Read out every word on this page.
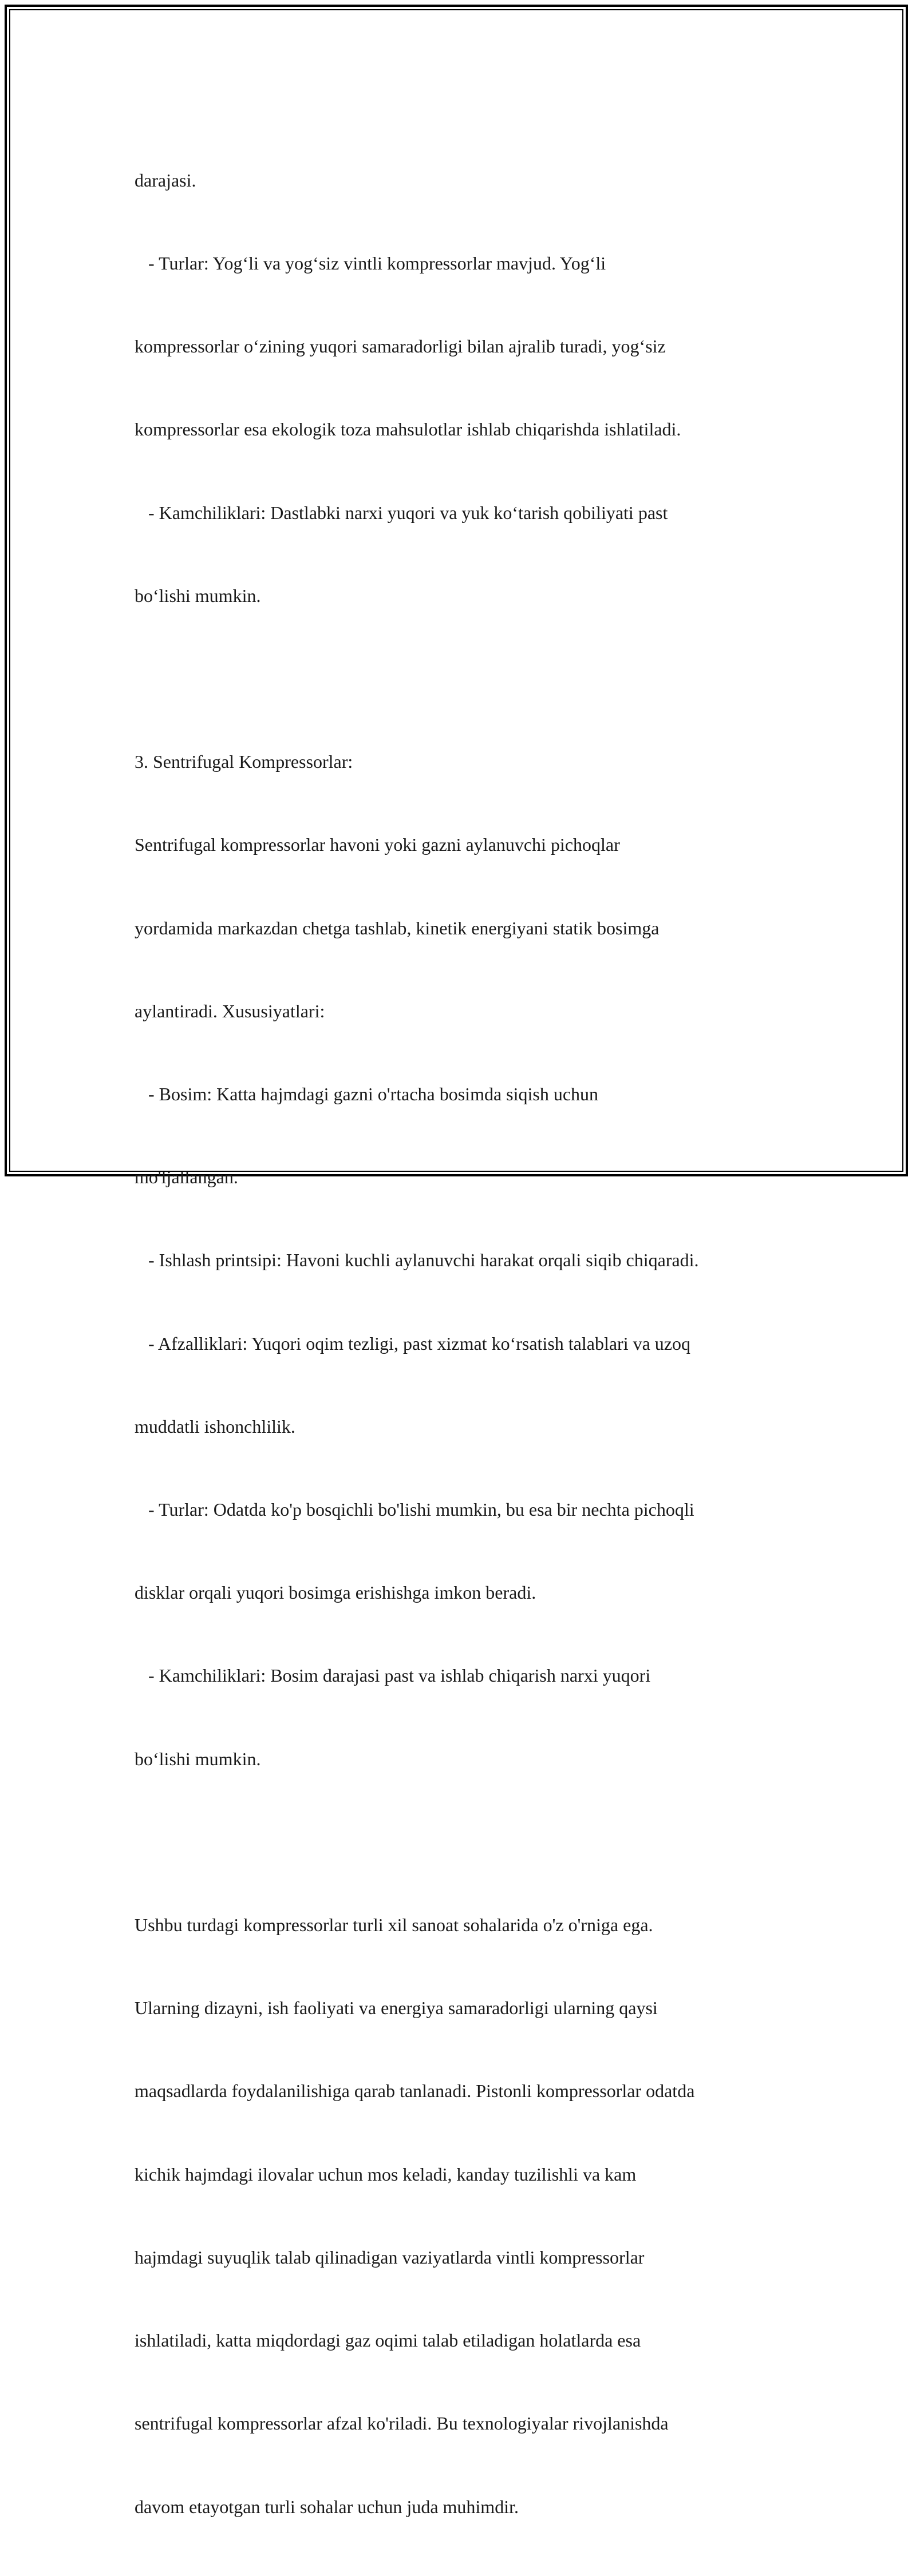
darajasi.

- Turlar: Yog‘li va yog‘siz vintli kompressorlar mavjud. Yog‘li

kompressorlar o‘zining yuqori samaradorligi bilan ajralib turadi, yog‘siz

kompressorlar esa ekologik toza mahsulotlar ishlab chiqarishda ishlatiladi.

- Kamchiliklari: Dastlabki narxi yuqori va yuk ko‘tarish qobiliyati past

bo‘lishi mumkin.

3. Sentrifugal Kompressorlar:

Sentrifugal kompressorlar havoni yoki gazni aylanuvchi pichoqlar

yordamida markazdan chetga tashlab, kinetik energiyani statik bosimga

aylantiradi. Xususiyatlari:

- Bosim: Katta hajmdagi gazni o'rtacha bosimda siqish uchun

mo'ljallangan.

- Ishlash printsipi: Havoni kuchli aylanuvchi harakat orqali siqib chiqaradi.

- Afzalliklari: Yuqori oqim tezligi, past xizmat ko‘rsatish talablari va uzoq

muddatli ishonchlilik.

- Turlar: Odatda ko'p bosqichli bo'lishi mumkin, bu esa bir nechta pichoqli

disklar orqali yuqori bosimga erishishga imkon beradi.

- Kamchiliklari: Bosim darajasi past va ishlab chiqarish narxi yuqori

bo‘lishi mumkin.

Ushbu turdagi kompressorlar turli xil sanoat sohalarida o'z o'rniga ega.

Ularning dizayni, ish faoliyati va energiya samaradorligi ularning qaysi

maqsadlarda foydalanilishiga qarab tanlanadi. Pistonli kompressorlar odatda

kichik hajmdagi ilovalar uchun mos keladi, kanday tuzilishli va kam

hajmdagi suyuqlik talab qilinadigan vaziyatlarda vintli kompressorlar

ishlatiladi, katta miqdordagi gaz oqimi talab etiladigan holatlarda esa

sentrifugal kompressorlar afzal ko'riladi. Bu texnologiyalar rivojlanishda

davom etayotgan turli sohalar uchun juda muhimdir.
